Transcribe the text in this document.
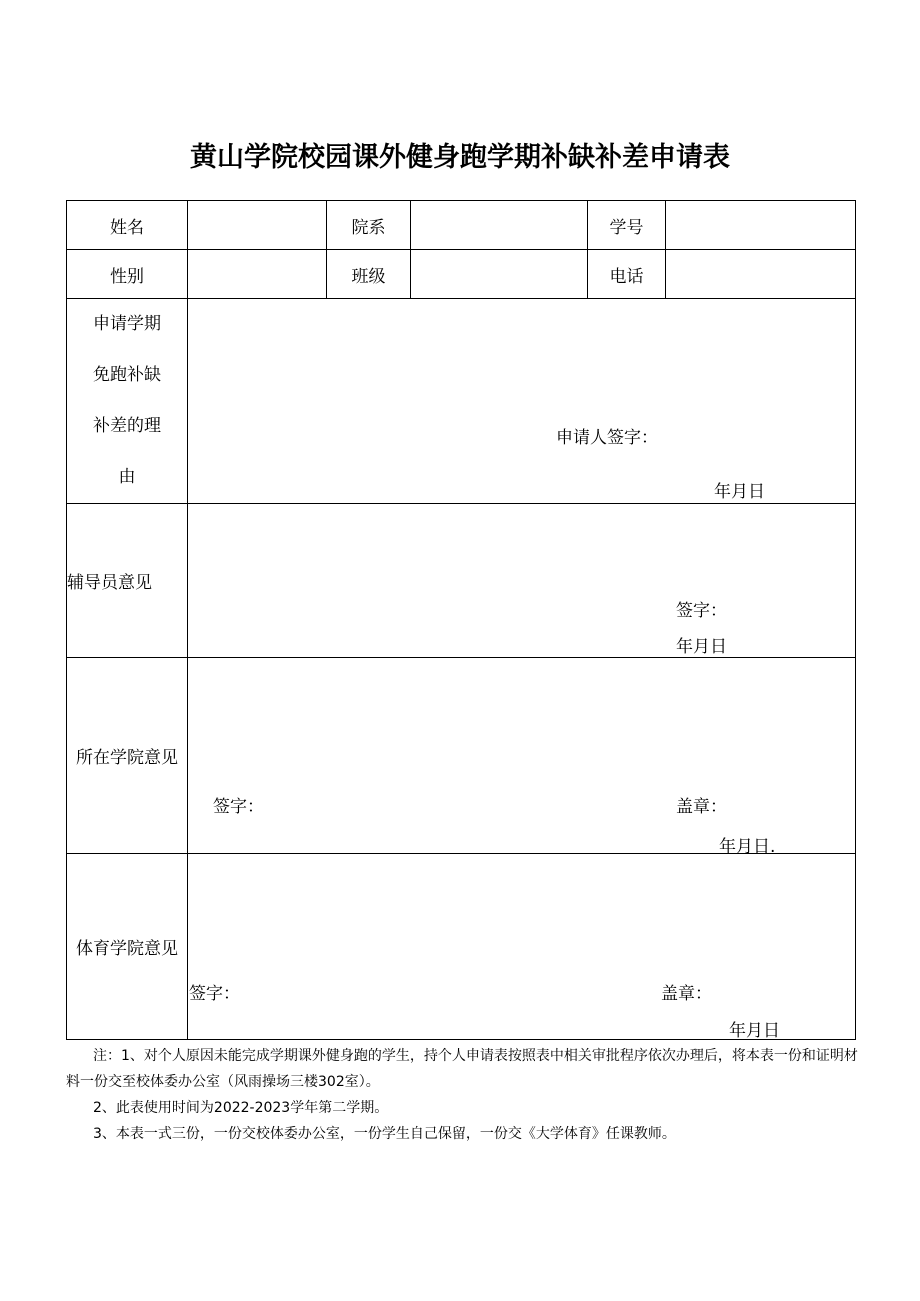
黄山学院校园课外健身跑学期补缺补差申请表
姓名		院系		学号	
性别		班级		电话	

申请学期
免跑补缺
补差的理
由	申请人签字：
年月日				

辅导员意见	签字：
年月日				

所在学院意见	签字： 盖章：
年月日.				

体育学院意见	签字： 盖章：
年月日				

注：1、对个人原因未能完成学期课外健身跑的学生，持个人申请表按照表中相关审批程序依次办理后，将本表一份和证明材料一份交至校体委办公室（风雨操场三楼302室）。

2、此表使用时间为2022-2023学年第二学期。

3、本表一式三份，一份交校体委办公室，一份学生自己保留，一份交《大学体育》任课教师。
